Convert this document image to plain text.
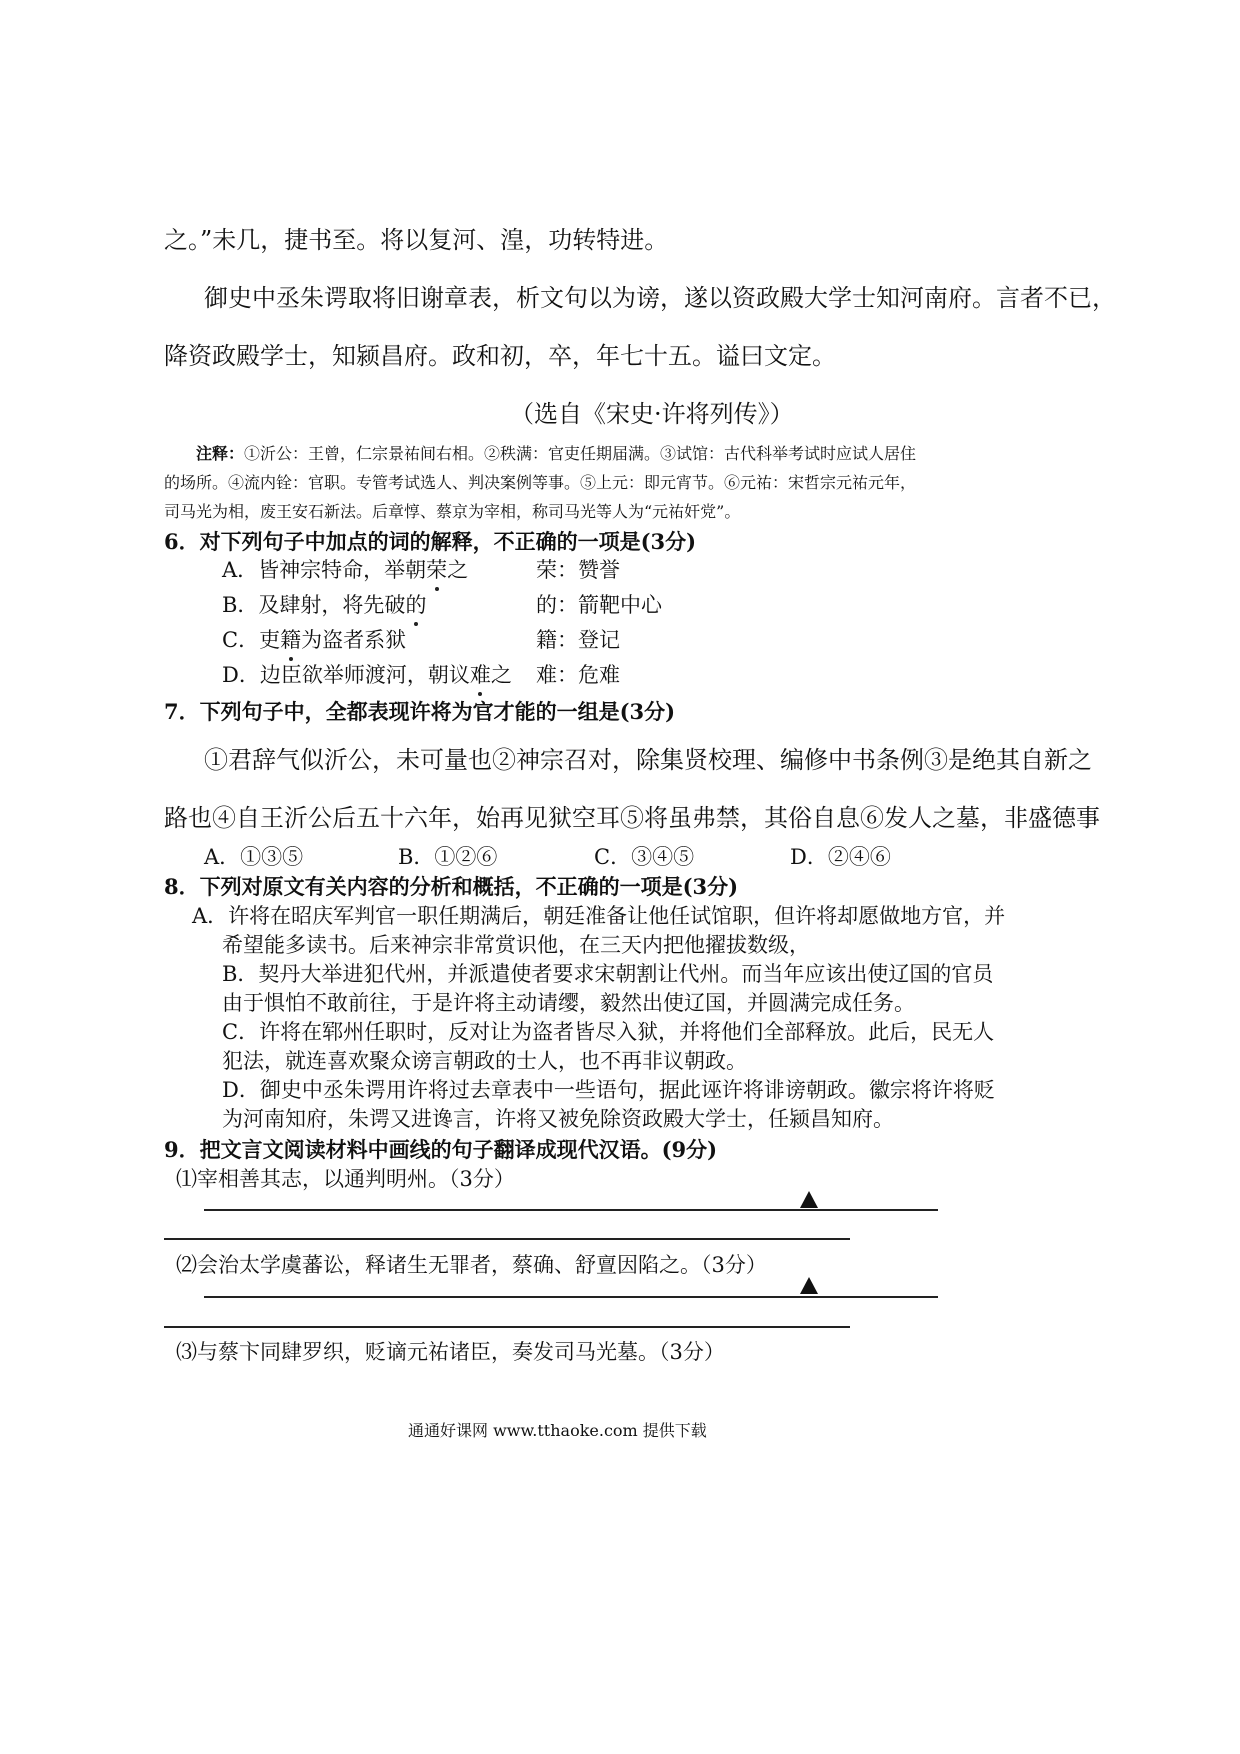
之。”未几，捷书至。将以复河、湟，功转特进。
御史中丞朱谔取将旧谢章表，析文句以为谤，遂以资政殿大学士知河南府。言者不已，
降资政殿学士，知颍昌府。政和初，卒，年七十五。谥曰文定。
（选自《宋史·许将列传》）
注释：①沂公：王曾，仁宗景祐间右相。②秩满：官吏任期届满。③试馆：古代科举考试时应试人居住
的场所。④流内铨：官职。专管考试选人、判决案例等事。⑤上元：即元宵节。⑥元祐：宋哲宗元祐元年，
司马光为相，废王安石新法。后章惇、蔡京为宰相，称司马光等人为“元祐奸党”。
6．对下列句子中加点的词的解释，不正确的一项是(3分)
A．皆神宗特命，举朝荣之	荣：赞誉
B．及肆射，将先破的	的：箭靶中心
C．吏籍为盗者系狱	籍：登记
D．边臣欲举师渡河，朝议难之 难：危难
7．下列句子中，全都表现许将为官才能的一组是(3分)
①君辞气似沂公，未可量也②神宗召对，除集贤校理、编修中书条例③是绝其自新之
路也④自王沂公后五十六年，始再见狱空耳⑤将虽弗禁，其俗自息⑥发人之墓，非盛德事
A．①③⑤	B．①②⑥	C．③④⑤	D．②④⑥
8．下列对原文有关内容的分析和概括，不正确的一项是(3分)
A．许将在昭庆军判官一职任期满后，朝廷准备让他任试馆职，但许将却愿做地方官，并
希望能多读书。后来神宗非常赏识他，在三天内把他擢拔数级，
B．契丹大举进犯代州，并派遣使者要求宋朝割让代州。而当年应该出使辽国的官员
由于惧怕不敢前往，于是许将主动请缨，毅然出使辽国，并圆满完成任务。
C．许将在郓州任职时，反对让为盗者皆尽入狱，并将他们全部释放。此后，民无人
犯法，就连喜欢聚众谤言朝政的士人，也不再非议朝政。
D．御史中丞朱谔用许将过去章表中一些语句，据此诬许将诽谤朝政。徽宗将许将贬
为河南知府，朱谔又进谗言，许将又被免除资政殿大学士，任颍昌知府。
9．把文言文阅读材料中画线的句子翻译成现代汉语。(9分)
⑴宰相善其志，以通判明州。（3分）
⑵会治太学虞蕃讼，释诸生无罪者，蔡确、舒亶因陷之。（3分）
⑶与蔡卞同肆罗织，贬谪元祐诸臣，奏发司马光墓。（3分）
通通好课网 www.tthaoke.com 提供下载
